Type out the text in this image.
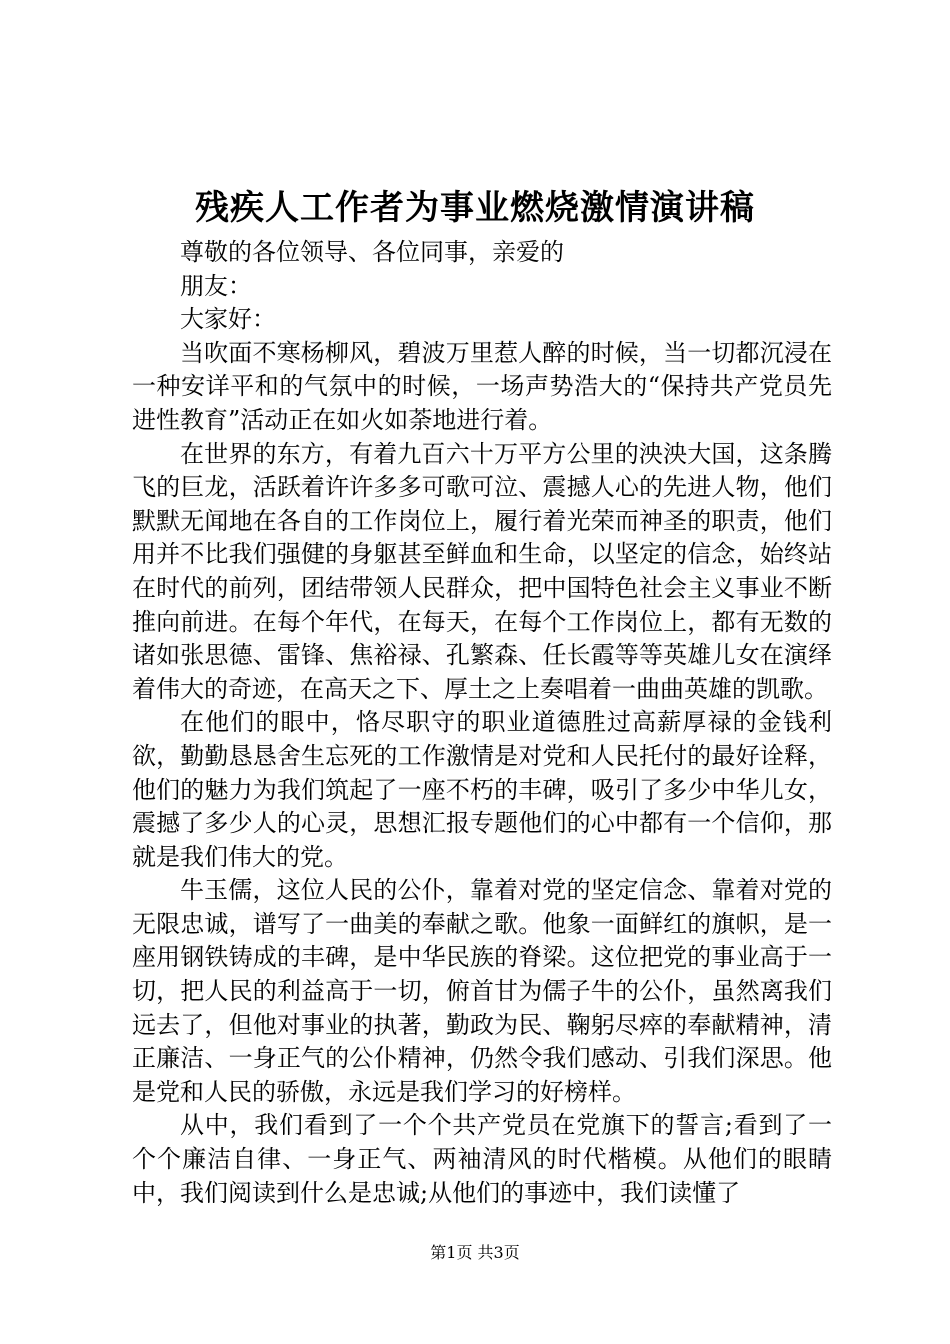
残疾人工作者为事业燃烧激情演讲稿

尊敬的各位领导、各位同事，亲爱的

朋友：

大家好：

当吹面不寒杨柳风，碧波万里惹人醉的时候，当一切都沉浸在一种安详平和的气氛中的时候，一场声势浩大的“保持共产党员先进性教育”活动正在如火如荼地进行着。

在世界的东方，有着九百六十万平方公里的泱泱大国，这条腾飞的巨龙，活跃着许许多多可歌可泣、震撼人心的先进人物，他们默默无闻地在各自的工作岗位上，履行着光荣而神圣的职责，他们用并不比我们强健的身躯甚至鲜血和生命，以坚定的信念，始终站在时代的前列，团结带领人民群众，把中国特色社会主义事业不断推向前进。在每个年代，在每天，在每个工作岗位上，都有无数的诸如张思德、雷锋、焦裕禄、孔繁森、任长霞等等英雄儿女在演绎着伟大的奇迹，在高天之下、厚土之上奏唱着一曲曲英雄的凯歌。

在他们的眼中，恪尽职守的职业道德胜过高薪厚禄的金钱利欲，勤勤恳恳舍生忘死的工作激情是对党和人民托付的最好诠释，他们的魅力为我们筑起了一座不朽的丰碑，吸引了多少中华儿女，震撼了多少人的心灵，思想汇报专题他们的心中都有一个信仰，那就是我们伟大的党。

牛玉儒，这位人民的公仆，靠着对党的坚定信念、靠着对党的无限忠诚，谱写了一曲美的奉献之歌。他象一面鲜红的旗帜，是一座用钢铁铸成的丰碑，是中华民族的脊梁。这位把党的事业高于一切，把人民的利益高于一切，俯首甘为儒子牛的公仆，虽然离我们远去了，但他对事业的执著，勤政为民、鞠躬尽瘁的奉献精神，清正廉洁、一身正气的公仆精神，仍然令我们感动、引我们深思。他是党和人民的骄傲，永远是我们学习的好榜样。

从中，我们看到了一个个共产党员在党旗下的誓言;看到了一个个廉洁自律、一身正气、两袖清风的时代楷模。从他们的眼睛中，我们阅读到什么是忠诚;从他们的事迹中，我们读懂了

第1页 共3页
